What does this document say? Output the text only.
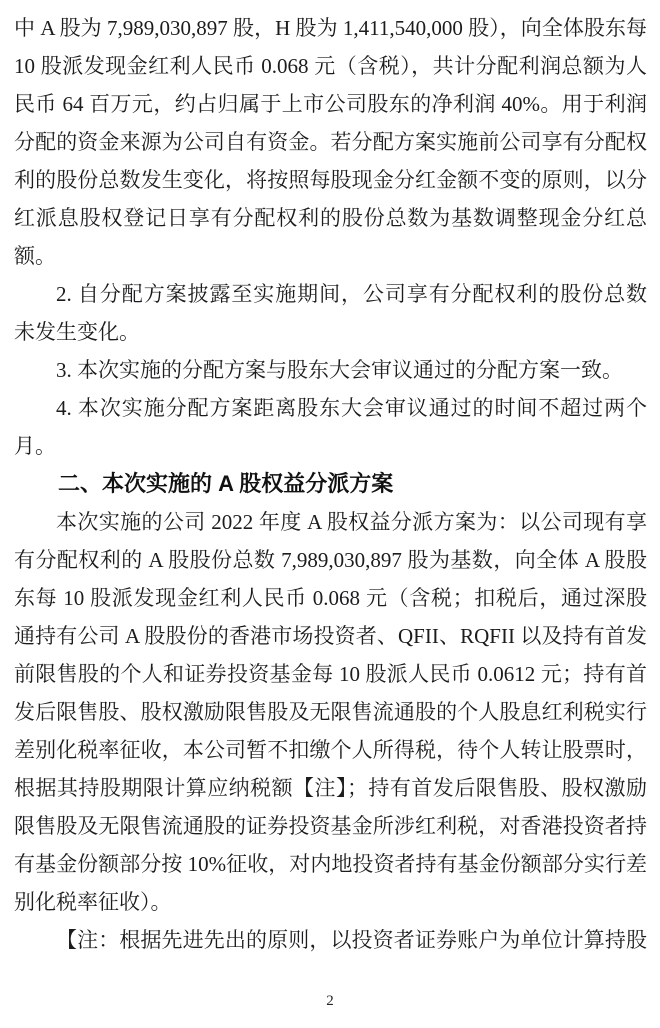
中 A 股为 7,989,030,897 股，H 股为 1,411,540,000 股），向全体股东每
10 股派发现金红利人民币 0.068 元（含税），共计分配利润总额为人
民币 64 百万元，约占归属于上市公司股东的净利润 40%。用于利润
分配的资金来源为公司自有资金。若分配方案实施前公司享有分配权
利的股份总数发生变化，将按照每股现金分红金额不变的原则，以分
红派息股权登记日享有分配权利的股份总数为基数调整现金分红总
额。
2. 自分配方案披露至实施期间，公司享有分配权利的股份总数
未发生变化。
3. 本次实施的分配方案与股东大会审议通过的分配方案一致。
4. 本次实施分配方案距离股东大会审议通过的时间不超过两个
月。
二、本次实施的 A 股权益分派方案
本次实施的公司 2022 年度 A 股权益分派方案为：以公司现有享
有分配权利的 A 股股份总数 7,989,030,897 股为基数，向全体 A 股股
东每 10 股派发现金红利人民币 0.068 元（含税；扣税后，通过深股
通持有公司 A 股股份的香港市场投资者、QFII、RQFII 以及持有首发
前限售股的个人和证券投资基金每 10 股派人民币 0.0612 元；持有首
发后限售股、股权激励限售股及无限售流通股的个人股息红利税实行
差别化税率征收，本公司暂不扣缴个人所得税，待个人转让股票时，
根据其持股期限计算应纳税额【注】；持有首发后限售股、股权激励
限售股及无限售流通股的证券投资基金所涉红利税，对香港投资者持
有基金份额部分按 10%征收，对内地投资者持有基金份额部分实行差
别化税率征收）。
【注：根据先进先出的原则，以投资者证券账户为单位计算持股
2
